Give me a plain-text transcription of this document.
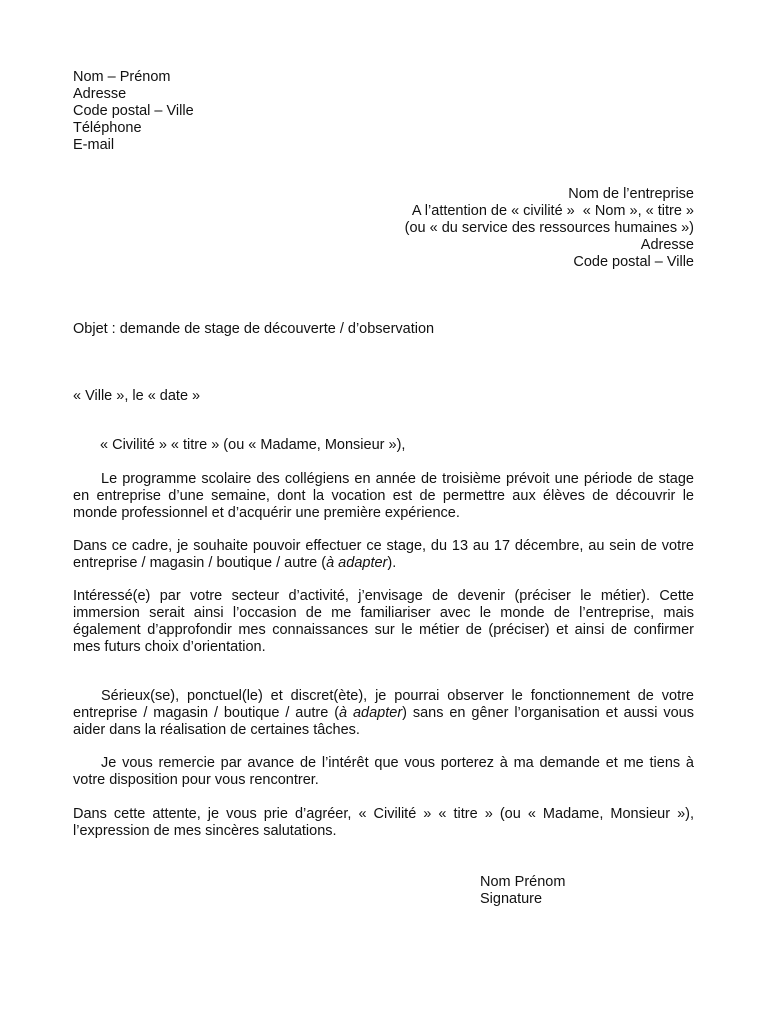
Nom – Prénom
Adresse
Code postal – Ville
Téléphone
E-mail
Nom de l’entreprise
A l’attention de « civilité »  « Nom », « titre »
(ou « du service des ressources humaines »)
Adresse
Code postal – Ville
Objet : demande de stage de découverte / d’observation
« Ville », le « date »
« Civilité » « titre » (ou « Madame, Monsieur »),

Le programme scolaire des collégiens en année de troisième prévoit une période de stage en entreprise d’une semaine, dont la vocation est de permettre aux élèves de découvrir le monde professionnel et d’acquérir une première expérience.

Dans ce cadre, je souhaite pouvoir effectuer ce stage, du 13 au 17 décembre, au sein de votre entreprise / magasin / boutique / autre (à adapter).

Intéressé(e) par votre secteur d’activité, j’envisage de devenir (préciser le métier). Cette immersion serait ainsi l’occasion de me familiariser avec le monde de l’entreprise, mais également d’approfondir mes connaissances sur le métier de (préciser) et ainsi de confirmer mes futurs choix d’orientation.

Sérieux(se), ponctuel(le) et discret(ète), je pourrai observer le fonctionnement de votre entreprise / magasin / boutique / autre (à adapter) sans en gêner l’organisation et aussi vous aider dans la réalisation de certaines tâches.

Je vous remercie par avance de l’intérêt que vous porterez à ma demande et me tiens à votre disposition pour vous rencontrer.

Dans cette attente, je vous prie d’agréer, « Civilité » « titre » (ou « Madame, Monsieur »), l’expression de mes sincères salutations.

Nom Prénom
Signature
